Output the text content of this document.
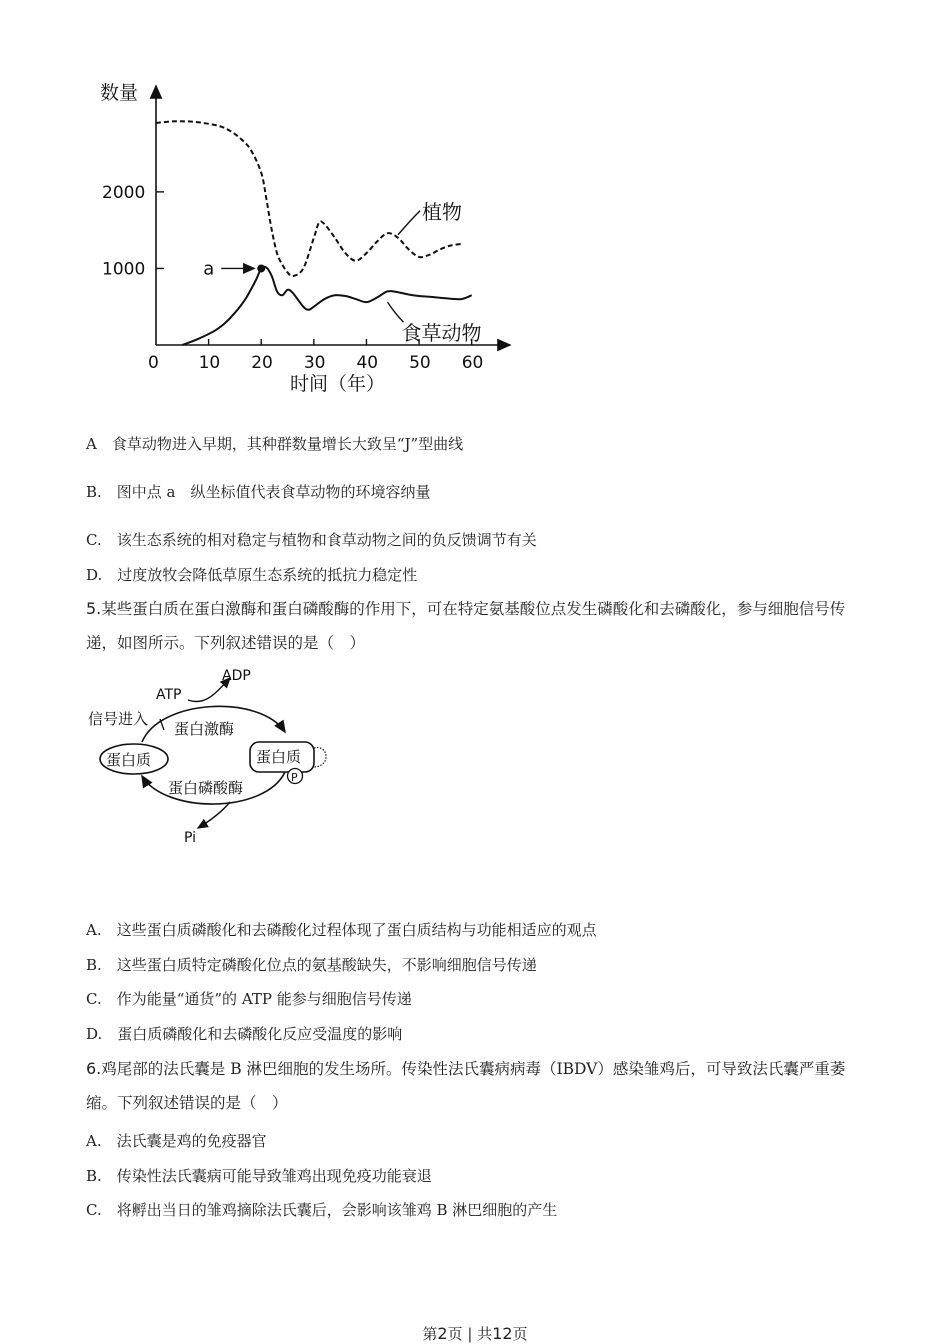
数量
时间（年）
0 10 20 30 40 50 60
1000
2000
a
植物
食草动物
A　食草动物进入早期，其种群数量增长大致呈“J”型曲线
B.　图中点 a　纵坐标值代表食草动物的环境容纳量
C.　该生态系统的相对稳定与植物和食草动物之间的负反馈调节有关
D.　过度放牧会降低草原生态系统的抵抗力稳定性
5.某些蛋白质在蛋白激酶和蛋白磷酸酶的作用下，可在特定氨基酸位点发生磷酸化和去磷酸化，参与细胞信号传递，如图所示。下列叙述错误的是（　）
ADP
ATP
信号进入
蛋白激酶
蛋白质	蛋白质
P
蛋白磷酸酶
Pi
A.　这些蛋白质磷酸化和去磷酸化过程体现了蛋白质结构与功能相适应的观点
B.　这些蛋白质特定磷酸化位点的氨基酸缺失，不影响细胞信号传递
C.　作为能量“通货”的 ATP 能参与细胞信号传递
D.　蛋白质磷酸化和去磷酸化反应受温度的影响
6.鸡尾部的法氏囊是 B 淋巴细胞的发生场所。传染性法氏囊病病毒（IBDV）感染雏鸡后，可导致法氏囊严重萎缩。下列叙述错误的是（　）
A.　法氏囊是鸡的免疫器官
B.　传染性法氏囊病可能导致雏鸡出现免疫功能衰退
C.　将孵出当日的雏鸡摘除法氏囊后，会影响该雏鸡 B 淋巴细胞的产生
第2页 | 共12页
